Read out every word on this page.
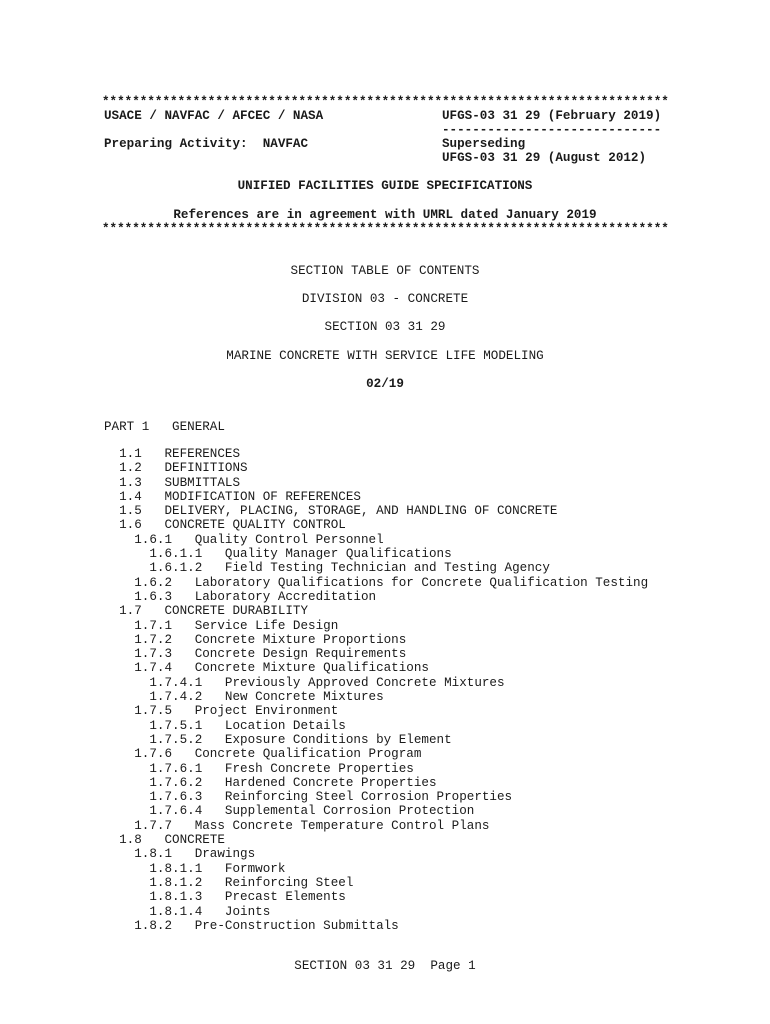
***************************************************************************
USACE / NAVFAC / AFCEC / NASA	UFGS-03 31 29 (February 2019)
-----------------------------
Preparing Activity:  NAVFAC	Superseding
UFGS-03 31 29 (August 2012)
UNIFIED FACILITIES GUIDE SPECIFICATIONS
References are in agreement with UMRL dated January 2019
***************************************************************************
SECTION TABLE OF CONTENTS
DIVISION 03 - CONCRETE
SECTION 03 31 29
MARINE CONCRETE WITH SERVICE LIFE MODELING
02/19
PART 1   GENERAL
1.1   REFERENCES
1.2   DEFINITIONS
1.3   SUBMITTALS
1.4   MODIFICATION OF REFERENCES
1.5   DELIVERY, PLACING, STORAGE, AND HANDLING OF CONCRETE
1.6   CONCRETE QUALITY CONTROL
1.6.1   Quality Control Personnel
1.6.1.1   Quality Manager Qualifications
1.6.1.2   Field Testing Technician and Testing Agency
1.6.2   Laboratory Qualifications for Concrete Qualification Testing
1.6.3   Laboratory Accreditation
1.7   CONCRETE DURABILITY
1.7.1   Service Life Design
1.7.2   Concrete Mixture Proportions
1.7.3   Concrete Design Requirements
1.7.4   Concrete Mixture Qualifications
1.7.4.1   Previously Approved Concrete Mixtures
1.7.4.2   New Concrete Mixtures
1.7.5   Project Environment
1.7.5.1   Location Details
1.7.5.2   Exposure Conditions by Element
1.7.6   Concrete Qualification Program
1.7.6.1   Fresh Concrete Properties
1.7.6.2   Hardened Concrete Properties
1.7.6.3   Reinforcing Steel Corrosion Properties
1.7.6.4   Supplemental Corrosion Protection
1.7.7   Mass Concrete Temperature Control Plans
1.8   CONCRETE
1.8.1   Drawings
1.8.1.1   Formwork
1.8.1.2   Reinforcing Steel
1.8.1.3   Precast Elements
1.8.1.4   Joints
1.8.2   Pre-Construction Submittals
SECTION 03 31 29  Page 1
